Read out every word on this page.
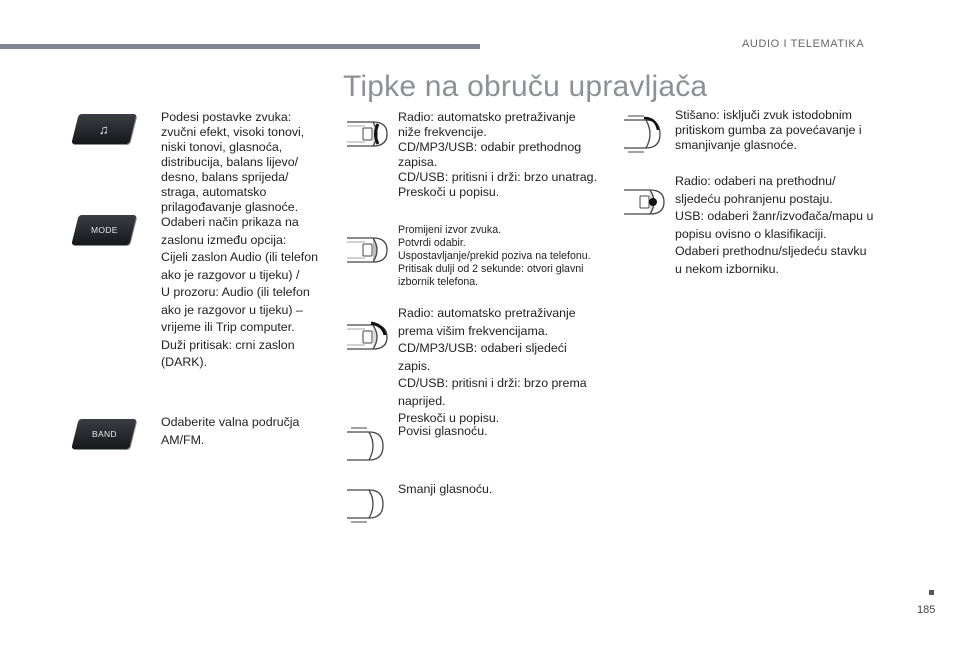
AUDIO I TELEMATIKA
Tipke na obruču upravljača
♫
Podesi postavke zvuka:
zvučni efekt, visoki tonovi,
niski tonovi, glasnoća,
distribucija, balans lijevo/
desno, balans sprijeda/
straga, automatsko
prilagođavanje glasnoće.
MODE
Odaberi način prikaza na
zaslonu između opcija:
Cijeli zaslon Audio (ili telefon
ako je razgovor u tijeku) /
U prozoru: Audio (ili telefon
ako je razgovor u tijeku) –
vrijeme ili Trip computer.
Duži pritisak: crni zaslon
(DARK).
BAND
Odaberite valna područja
AM/FM.
Radio: automatsko pretraživanje
niže frekvencije.
CD/MP3/USB: odabir prethodnog
zapisa.
CD/USB: pritisni i drži: brzo unatrag.
Preskoči u popisu.
Promijeni izvor zvuka.
Potvrdi odabir.
Uspostavljanje/prekid poziva na telefonu.
Pritisak dulji od 2 sekunde: otvori glavni
izbornik telefona.
Radio: automatsko pretraživanje
prema višim frekvencijama.
CD/MP3/USB: odaberi sljedeći
zapis.
CD/USB: pritisni i drži: brzo prema
naprijed.
Preskoči u popisu.
Povisi glasnoću.
Smanji glasnoću.
Stišano: isključi zvuk istodobnim
pritiskom gumba za povećavanje i
smanjivanje glasnoće.
Radio: odaberi na prethodnu/
sljedeću pohranjenu postaju.
USB: odaberi žanr/izvođača/mapu u
popisu ovisno o klasifikaciji.
Odaberi prethodnu/sljedeću stavku
u nekom izborniku.
185
